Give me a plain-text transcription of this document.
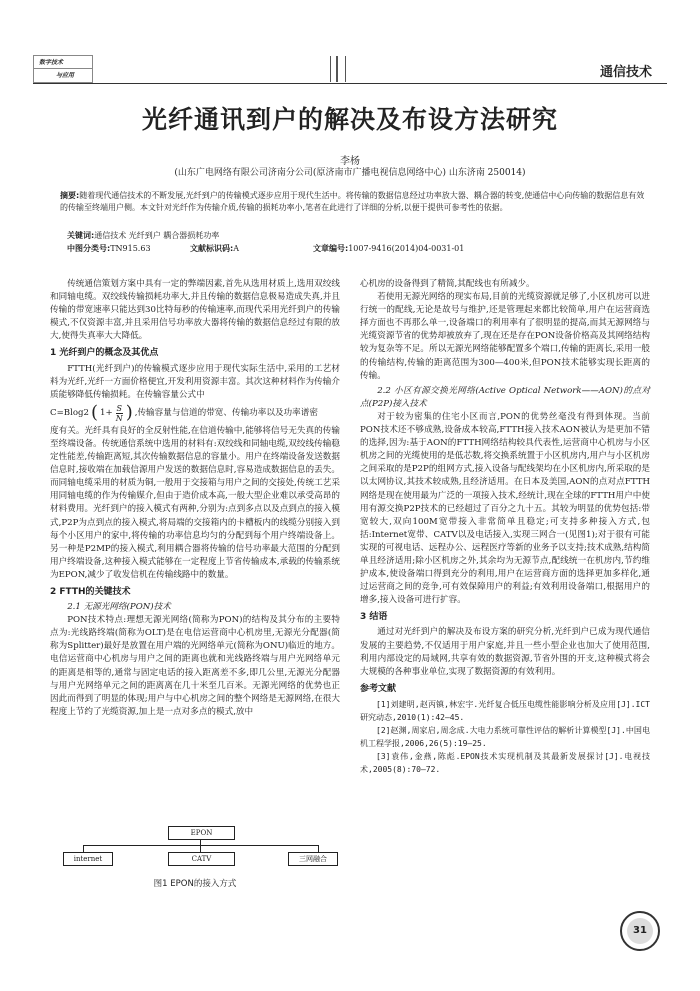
数字技术
与应用	通信技术
光纤通讯到户的解决及布设方法研究
李杨
(山东广电网络有限公司济南分公司(原济南市广播电视信息网络中心) 山东济南 250014)
摘要:随着现代通信技术的不断发展,光纤到户的传输模式逐步应用于现代生活中。将传输的数据信息经过功率放大器、耦合器的转变,使通信中心向传输的数据信息有效的传输至终端用户侧。本文针对光纤作为传输介质,传输的损耗功率小,笔者在此进行了详细的分析,以便于提供可参考性的依据。
关键词:通信技术 光纤到户 耦合器损耗功率
中图分类号:TN915.63	文献标识码:A	文章编号:1007-9416(2014)04-0031-01

传统通信策划方案中具有一定的弊端因素,首先从选用材质上,选用双绞线和同轴电缆。双绞线传输损耗功率大,并且传输的数据信息极易造成失真,并且传输的带宽速率只能达到30比特每秒的传输速率,而现代采用光纤到户的传输模式,不仅资源丰富,并且采用信号功率放大器将传输的数据信息经过有限的放大,使得失真率大大降低。

1 光纤到户的概念及其优点

FTTH(光纤到户)的传输模式逐步应用于现代实际生活中,采用的工艺材料为光纤,光纤一方面价格便宜,开发利用资源丰富。其次这种材料作为传输介质能够降低传输损耗。在传输容量公式中

C=Blog2 ( $1+ \frac{S}{N}$ ) ,传输容量与信道的带宽、传输功率以及功率谱密

度有关。光纤具有良好的全反射性能,在信道传输中,能够将信号无失真的传输至终端设备。传统通信系统中选用的材料有:双绞线和同轴电缆,双绞线传输稳定性能差,传输距离短,其次传输数据信息的容量小。用户在终端设备发送数据信息时,接收端在加载信源用户发送的数据信息时,容易造成数据信息的丢失。而同轴电缆采用的材质为铜,一般用于交接箱与用户之间的交接处,传统工艺采用同轴电缆的作为传输媒介,但由于造价成本高,一般大型企业难以承受高昂的材料费用。光纤到户的接入模式有两种,分别为:点到多点以及点到点的接入模式,P2P为点到点的接入模式,将局端的交接箱内的卡槽板内的线缆分别接入到每个小区用户的家中,将传输的功率信息均匀的分配到每个用户终端设备上。另一种是P2MP的接入模式,利用耦合器将传输的信号功率最大范围的分配到用户终端设备,这种接入模式能够在一定程度上节省传输成本,承载的传输系统为EPON,减少了收发信机在传输线路中的数量。

2 FTTH的关键技术
2.1 无源光网络(PON)技术

PON技术特点:理想无源光网络(简称为PON)的结构及其分布的主要特点为:光线路终端(简称为OLT)是在电信运营商中心机房里,无源光分配器(简称为Splitter)最好是放置在用户端的光网络单元(简称为ONU)临近的地方。电信运营商中心机房与用户之间的距离也就和光线路终端与用户光网络单元的距离是相等的,通常与固定电话的接入距离差不多,即几公里,无源光分配器与用户光网络单元之间的距离离在几十米至几百米。无源光网络的优势也正因此而得到了明显的体现;用户与中心机房之间的整个网络是无源网络,在很大程度上节约了光缆资源,加上是一点对多点的模式,放中

EPON
internet	CATV	三网融合
图1 EPON的接入方式

心机房的设备得到了精简,其配线也有所减少。

若使用无源光网络的现实布局,目前的光缆资源就足够了,小区机房可以进行统一的配线,无论是故号与维护,还是管理起来都比较简单,用户在运营商选择方面也不再那么单一,设备端口的利用率有了很明显的提高,而其无源网络与光缆资源节省的优势却被放弃了,现在还是存在PON设备价格高及其网络结构较为复杂等不足。所以无源光网络能够配置多个端口,传输的距离长,采用一般的传输结构,传输的距离范围为300—400米,但PON技术能够实现长距离的传输。

2.2 小区有源交换光网络(Active Optical Network——AON)的点对点(P2P)接入技术

对于较为密集的住宅小区而言,PON的优势丝毫没有得到体现。当前PON技术还不够成熟,设备成本较高,FTTH接入技术AON被认为是更加不错的选择,因为:基于AON的FTTH网络结构较具代表性,运营商中心机房与小区机房之间的光缆使用的是低芯数,将交换系统置于小区机房内,用户与小区机房之间采取的是P2P的组网方式,接入设备与配线架均在小区机房内,所采取的是以太网协议,其技术较成熟,且经济适用。在日本及美国,AON的点对点FTTH网络是现在使用最为广泛的一项接入技术,经统计,现在全球的FTTH用户中使用有源交换P2P技术的已经超过了百分之九十五。其较为明显的优势包括:带宽较大,双向100M宽带接入非常简单且稳定;可支持多种接入方式,包括:Internet宽带、CATV以及电话接入,实现三网合一(见图1);对于很有可能实现的可视电话、远程办公、远程医疗等新的业务予以支持;技术成熟,结构简单且经济适用;除小区机房之外,其余均为无源节点,配线统一在机房内,节约维护成本,使设备端口得到充分的利用,用户在运营商方面的选择更加多样化,通过运营商之间的竞争,可有效保障用户的利益;有效利用设备端口,根据用户的增多,接入设备可进行扩容。

3 结语

通过对光纤到户的解决及布设方案的研究分析,光纤到户已成为现代通信发展的主要趋势,不仅适用于用户家庭,并且一些小型企业也加大了使用范围,利用内部设定的局域网,共享有效的数据资源,节省外围的开支,这种模式将会大规模的各种事业单位,实现了数据资源的有效利用。

参考文献

[1]刘建明,赵丙镇,林宏宇.光纤复合低压电缆性能影响分析及应用[J].ICT研究动态,2010(1):42—45.

[2]赵渊,周家启,周念成.大电力系统可靠性评估的解析计算模型[J].中国电机工程学报,2006,26(5):19—25.

[3]袁伟,金燕,陈彪.EPON技术实现机制及其最新发展探讨[J].电视技术,2005(8):70—72.

31
